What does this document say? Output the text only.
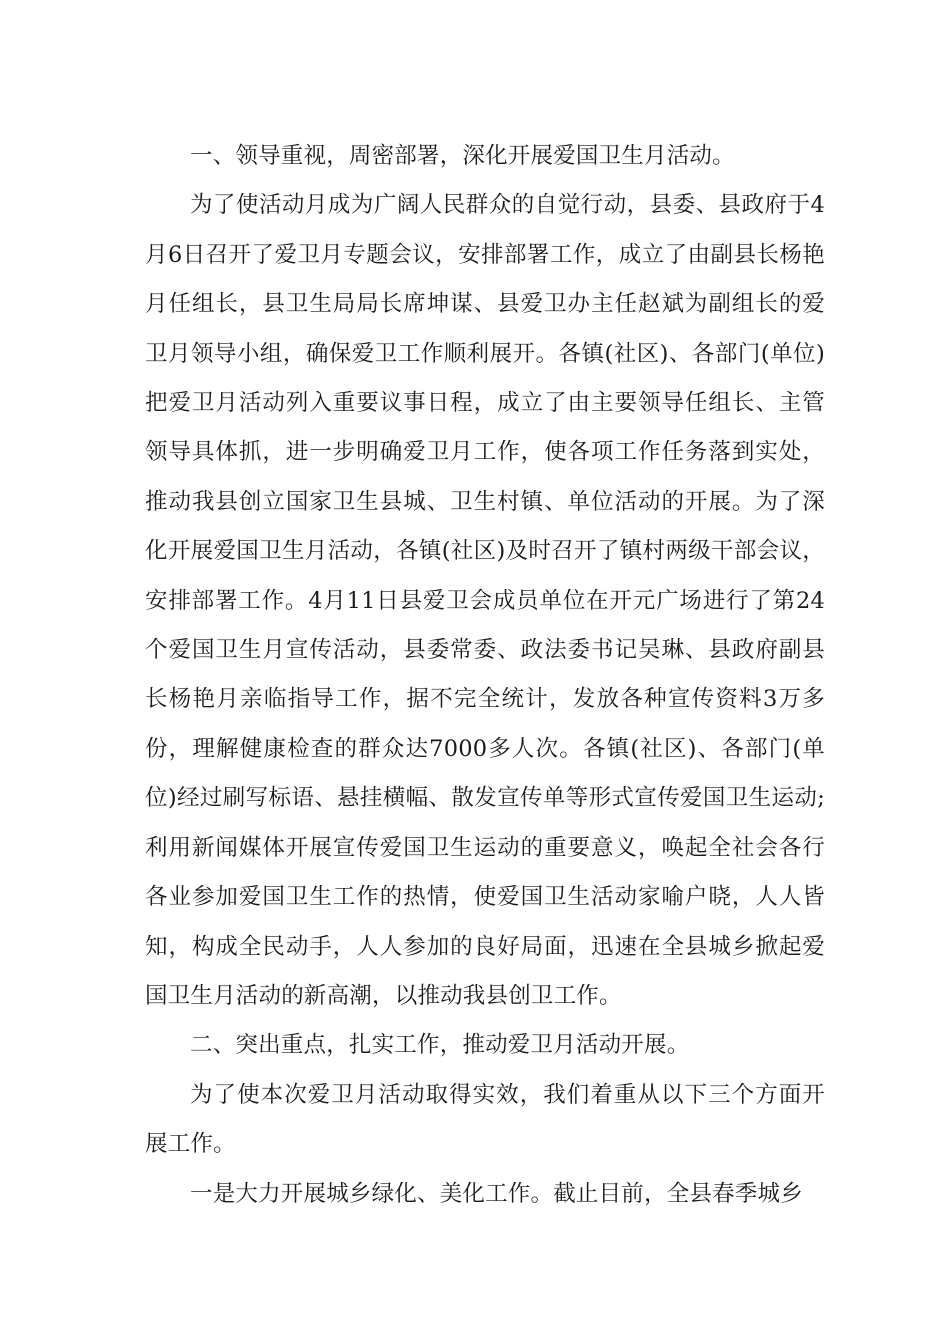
一、领导重视，周密部署，深化开展爱国卫生月活动。

为了使活动月成为广阔人民群众的自觉行动，县委、县政府于4月6日召开了爱卫月专题会议，安排部署工作，成立了由副县长杨艳月任组长，县卫生局局长席坤谋、县爱卫办主任赵斌为副组长的爱卫月领导小组，确保爱卫工作顺利展开。各镇(社区)、各部门(单位)把爱卫月活动列入重要议事日程，成立了由主要领导任组长、主管领导具体抓，进一步明确爱卫月工作，使各项工作任务落到实处，推动我县创立国家卫生县城、卫生村镇、单位活动的开展。为了深化开展爱国卫生月活动，各镇(社区)及时召开了镇村两级干部会议，安排部署工作。4月11日县爱卫会成员单位在开元广场进行了第24个爱国卫生月宣传活动，县委常委、政法委书记吴琳、县政府副县长杨艳月亲临指导工作，据不完全统计，发放各种宣传资料3万多份，理解健康检查的群众达7000多人次。各镇(社区)、各部门(单位)经过刷写标语、悬挂横幅、散发宣传单等形式宣传爱国卫生运动;利用新闻媒体开展宣传爱国卫生运动的重要意义，唤起全社会各行各业参加爱国卫生工作的热情，使爱国卫生活动家喻户晓，人人皆知，构成全民动手，人人参加的良好局面，迅速在全县城乡掀起爱国卫生月活动的新高潮，以推动我县创卫工作。

二、突出重点，扎实工作，推动爱卫月活动开展。

为了使本次爱卫月活动取得实效，我们着重从以下三个方面开展工作。

一是大力开展城乡绿化、美化工作。截止目前，全县春季城乡
